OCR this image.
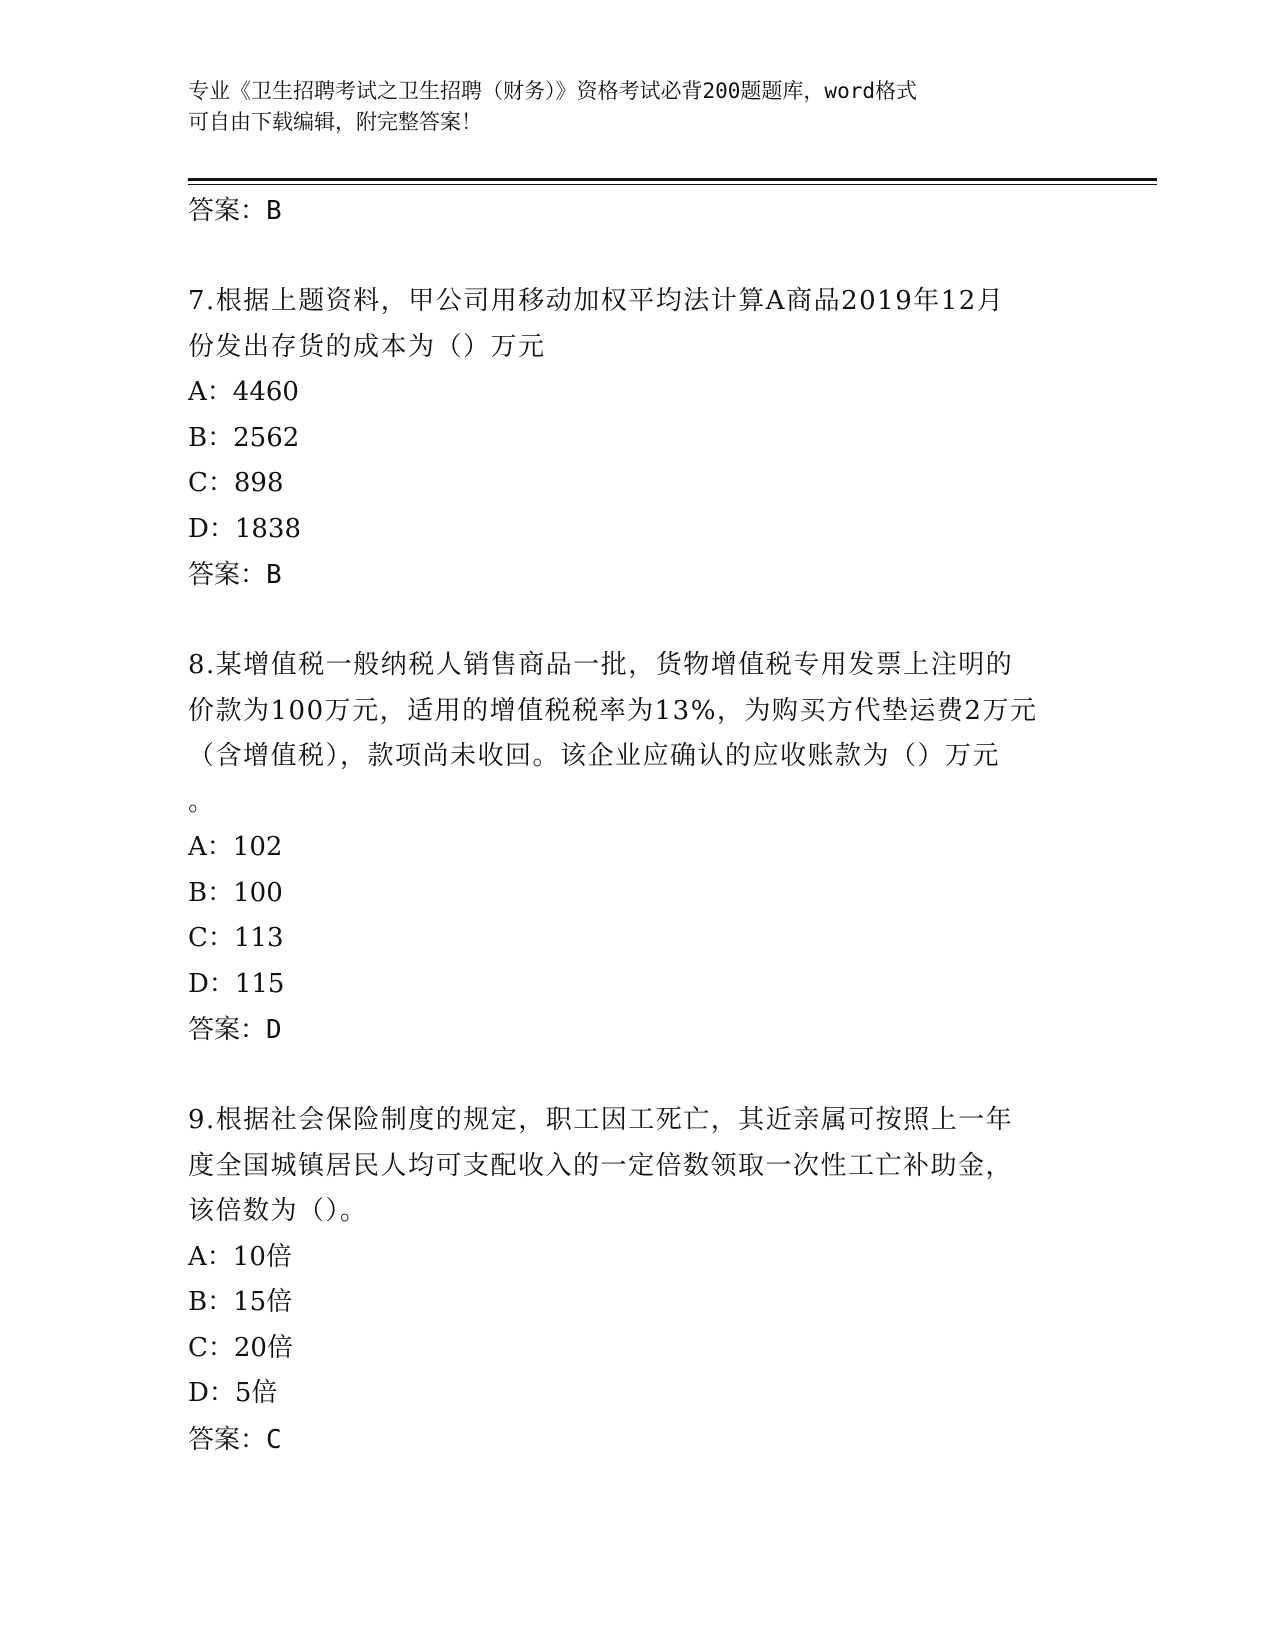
专业《卫生招聘考试之卫生招聘（财务）》资格考试必背200题题库，word格式
可自由下载编辑，附完整答案！
答案：B
7.根据上题资料，甲公司用移动加权平均法计算A商品2019年12月
份发出存货的成本为（）万元
A：4460
B：2562
C：898
D：1838
答案：B
8.某增值税一般纳税人销售商品一批，货物增值税专用发票上注明的
价款为100万元，适用的增值税税率为13%，为购买方代垫运费2万元
（含增值税），款项尚未收回。该企业应确认的应收账款为（）万元
。
A：102
B：100
C：113
D：115
答案：D
9.根据社会保险制度的规定，职工因工死亡，其近亲属可按照上一年
度全国城镇居民人均可支配收入的一定倍数领取一次性工亡补助金，
该倍数为（）。
A：10倍
B：15倍
C：20倍
D：5倍
答案：C
